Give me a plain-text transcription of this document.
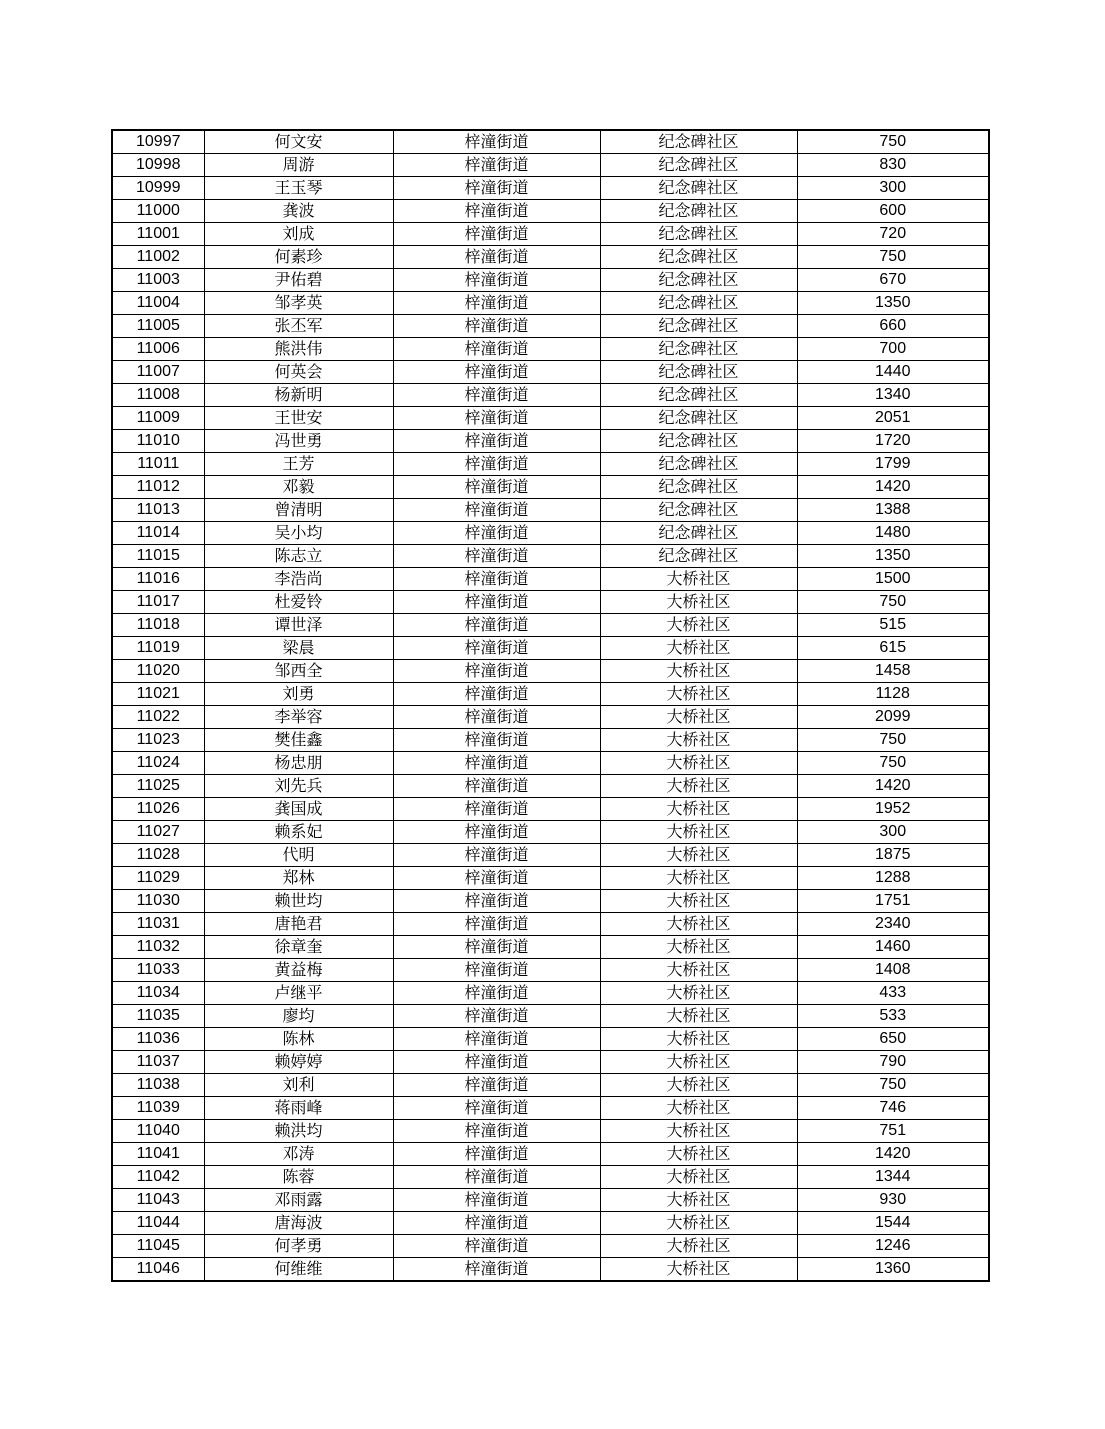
10997	何文安	梓潼街道	纪念碑社区	750
10998	周游	梓潼街道	纪念碑社区	830
10999	王玉琴	梓潼街道	纪念碑社区	300
11000	龚波	梓潼街道	纪念碑社区	600
11001	刘成	梓潼街道	纪念碑社区	720
11002	何素珍	梓潼街道	纪念碑社区	750
11003	尹佑碧	梓潼街道	纪念碑社区	670
11004	邹孝英	梓潼街道	纪念碑社区	1350
11005	张丕军	梓潼街道	纪念碑社区	660
11006	熊洪伟	梓潼街道	纪念碑社区	700
11007	何英会	梓潼街道	纪念碑社区	1440
11008	杨新明	梓潼街道	纪念碑社区	1340
11009	王世安	梓潼街道	纪念碑社区	2051
11010	冯世勇	梓潼街道	纪念碑社区	1720
11011	王芳	梓潼街道	纪念碑社区	1799
11012	邓毅	梓潼街道	纪念碑社区	1420
11013	曾清明	梓潼街道	纪念碑社区	1388
11014	吴小均	梓潼街道	纪念碑社区	1480
11015	陈志立	梓潼街道	纪念碑社区	1350
11016	李浩尚	梓潼街道	大桥社区	1500
11017	杜爱铃	梓潼街道	大桥社区	750
11018	谭世泽	梓潼街道	大桥社区	515
11019	梁晨	梓潼街道	大桥社区	615
11020	邹西全	梓潼街道	大桥社区	1458
11021	刘勇	梓潼街道	大桥社区	1128
11022	李举容	梓潼街道	大桥社区	2099
11023	樊佳鑫	梓潼街道	大桥社区	750
11024	杨忠朋	梓潼街道	大桥社区	750
11025	刘先兵	梓潼街道	大桥社区	1420
11026	龚国成	梓潼街道	大桥社区	1952
11027	赖系妃	梓潼街道	大桥社区	300
11028	代明	梓潼街道	大桥社区	1875
11029	郑林	梓潼街道	大桥社区	1288
11030	赖世均	梓潼街道	大桥社区	1751
11031	唐艳君	梓潼街道	大桥社区	2340
11032	徐章奎	梓潼街道	大桥社区	1460
11033	黄益梅	梓潼街道	大桥社区	1408
11034	卢继平	梓潼街道	大桥社区	433
11035	廖均	梓潼街道	大桥社区	533
11036	陈林	梓潼街道	大桥社区	650
11037	赖婷婷	梓潼街道	大桥社区	790
11038	刘利	梓潼街道	大桥社区	750
11039	蒋雨峰	梓潼街道	大桥社区	746
11040	赖洪均	梓潼街道	大桥社区	751
11041	邓涛	梓潼街道	大桥社区	1420
11042	陈蓉	梓潼街道	大桥社区	1344
11043	邓雨露	梓潼街道	大桥社区	930
11044	唐海波	梓潼街道	大桥社区	1544
11045	何孝勇	梓潼街道	大桥社区	1246
11046	何维维	梓潼街道	大桥社区	1360
